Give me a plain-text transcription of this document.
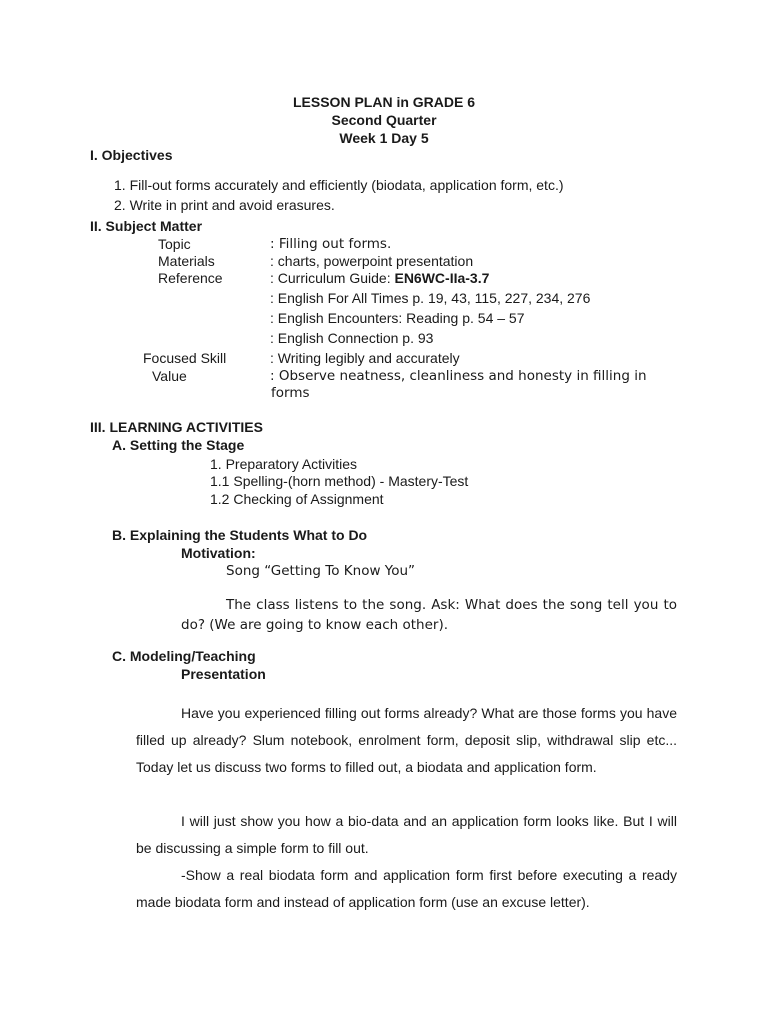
LESSON PLAN in GRADE 6
Second Quarter
Week 1 Day 5
I. Objectives
1. Fill-out forms accurately and efficiently (biodata, application form, etc.)
2. Write in print and avoid erasures.
II. Subject Matter
Topic	: Filling out forms.
Materials	: charts, powerpoint presentation
Reference	: Curriculum Guide: EN6WC-IIa-3.7
: English For All Times p. 19, 43, 115, 227, 234, 276
: English Encounters: Reading p. 54 – 57
: English Connection p. 93
Focused Skill	: Writing legibly and accurately
Value	: Observe neatness, cleanliness and honesty in filling in
forms
III. LEARNING ACTIVITIES
A. Setting the Stage
1. Preparatory Activities
1.1 Spelling-(horn method) - Mastery-Test
1.2 Checking of Assignment
B. Explaining the Students What to Do
Motivation:
Song “Getting To Know You”
The class listens to the song. Ask: What does the song tell you to do? (We are going to know each other).
C. Modeling/Teaching
Presentation
Have you experienced filling out forms already? What are those forms you have filled up already? Slum notebook, enrolment form, deposit slip, withdrawal slip etc... Today let us discuss two forms to filled out, a biodata and application form.
I will just show you how a bio-data and an application form looks like. But I will be discussing a simple form to fill out.
-Show a real biodata form and application form first before executing a ready made biodata form and instead of application form (use an excuse letter).
